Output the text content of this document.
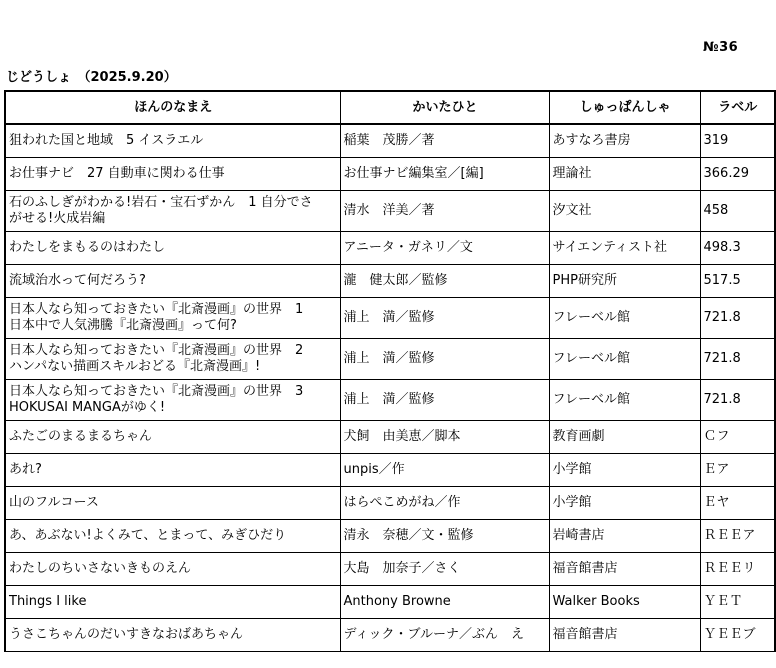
№36
じどうしょ　（2025.9.20）
ほんのなまえ	かいたひと	しゅっぱんしゃ	ラベル

狙われた国と地域　5 イスラエル	稲葉　茂勝／著	あすなろ書房	319

お仕事ナビ　27 自動車に関わる仕事	お仕事ナビ編集室／[編]	理論社	366.29

石のふしぎがわかる!岩石・宝石ずかん　1 自分でさ
がせる!火成岩編	清水　洋美／著	汐文社	458

わたしをまもるのはわたし	アニータ・ガネリ／文	サイエンティスト社	498.3

流域治水って何だろう?	瀧　健太郎／監修	PHP研究所	517.5

日本人なら知っておきたい『北斎漫画』の世界　1
日本中で人気沸騰『北斎漫画』って何?	浦上　満／監修	フレーベル館	721.8

日本人なら知っておきたい『北斎漫画』の世界　2
ハンパない描画スキルおどる『北斎漫画』!	浦上　満／監修	フレーベル館	721.8

日本人なら知っておきたい『北斎漫画』の世界　3
HOKUSAI MANGAがゆく!	浦上　満／監修	フレーベル館	721.8

ふたごのまるまるちゃん	犬飼　由美恵／脚本	教育画劇	Ｃフ

あれ?	unpis／作	小学館	Ｅア

山のフルコース	はらぺこめがね／作	小学館	Ｅヤ

あ、あぶない!よくみて、とまって、みぎひだり	清永　奈穂／文・監修	岩崎書店	ＲＥＥア

わたしのちいさないきものえん	大島　加奈子／さく	福音館書店	ＲＥＥリ

Things I like	Anthony Browne	Walker Books	ＹＥＴ

うさこちゃんのだいすきなおばあちゃん	ディック・ブルーナ／ぶん　え	福音館書店	ＹＥＥブ
